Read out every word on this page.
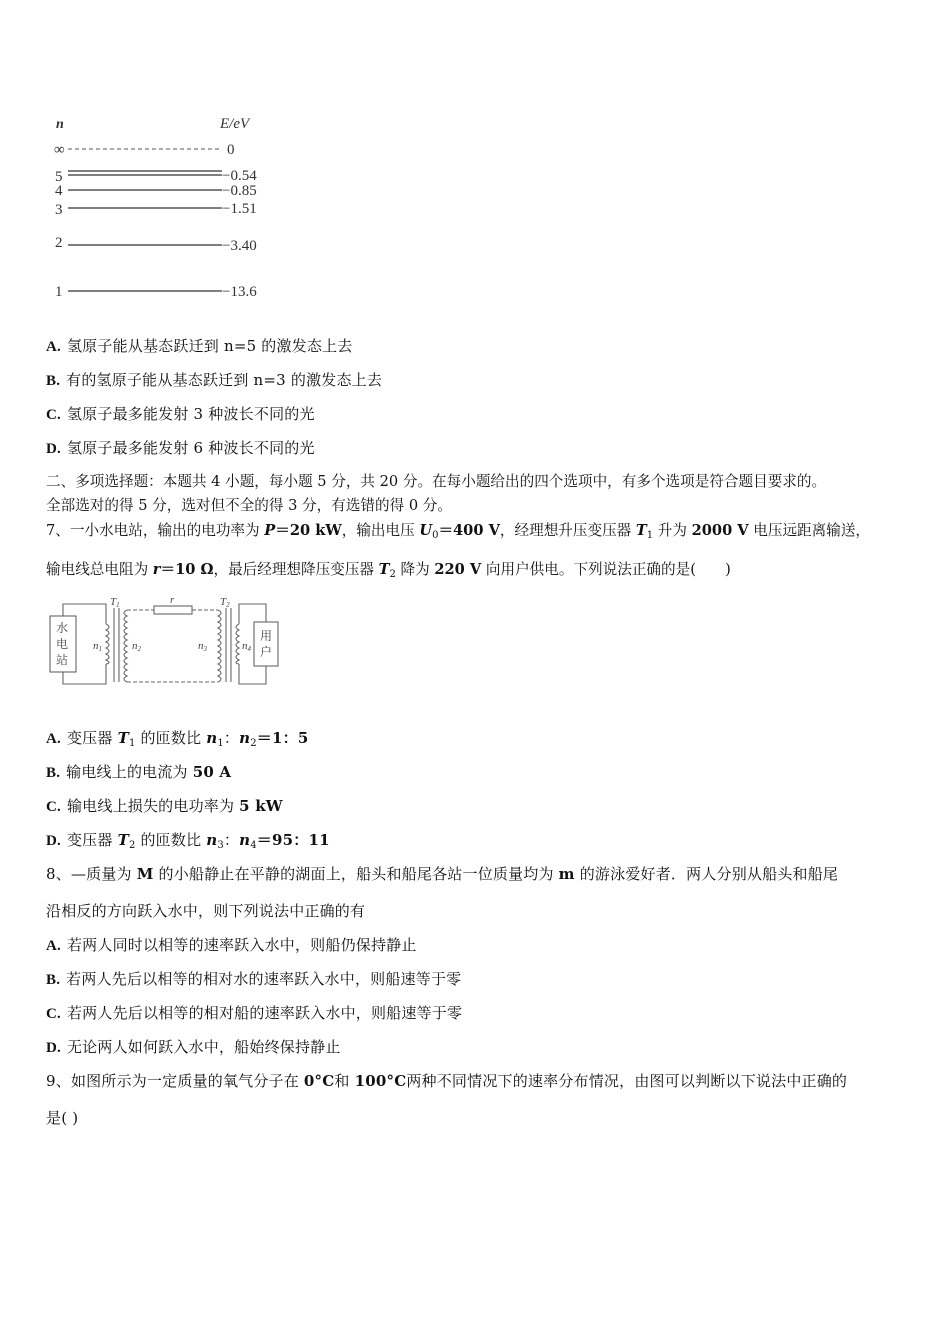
n	E/eV
∞	0
5	−0.54
4	−0.85
3	−1.51
2	−3.40
1	−13.6
A. 氢原子能从基态跃迁到 n=5 的激发态上去
B. 有的氢原子能从基态跃迁到 n=3 的激发态上去
C. 氢原子最多能发射 3 种波长不同的光
D. 氢原子最多能发射 6 种波长不同的光
二、多项选择题：本题共 4 小题，每小题 5 分，共 20 分。在每小题给出的四个选项中，有多个选项是符合题目要求的。
全部选对的得 5 分，选对但不全的得 3 分，有选错的得 0 分。
7、一小水电站，输出的电功率为 P＝20 kW，输出电压 $U_0=400$ V，经理想升压变压器 $T_1$ 升为 2000 V 电压远距离输送，
输电线总电阻为 r＝10 Ω，最后经理想降压变压器 $T_2$ 降为 220 V 向用户供电。下列说法正确的是(　　)
水
电
站
用
户
T1	T2
r
n1	n2	n3	n4
A. 变压器 $T_1$ 的匝数比 $n_1$：$n_2=1$：5
B. 输电线上的电流为 50 A
C. 输电线上损失的电功率为 5 kW
D. 变压器 $T_2$ 的匝数比 $n_3$：$n_4=95$：11
8、—质量为 M 的小船静止在平静的湖面上，船头和船尾各站一位质量均为 m 的游泳爱好者．两人分别从船头和船尾
沿相反的方向跃入水中，则下列说法中正确的有
A. 若两人同时以相等的速率跃入水中，则船仍保持静止
B. 若两人先后以相等的相对水的速率跃入水中，则船速等于零
C. 若两人先后以相等的相对船的速率跃入水中，则船速等于零
D. 无论两人如何跃入水中，船始终保持静止
9、如图所示为一定质量的氧气分子在 0°C和 100°C两种不同情况下的速率分布情况，由图可以判断以下说法中正确的
是( )
